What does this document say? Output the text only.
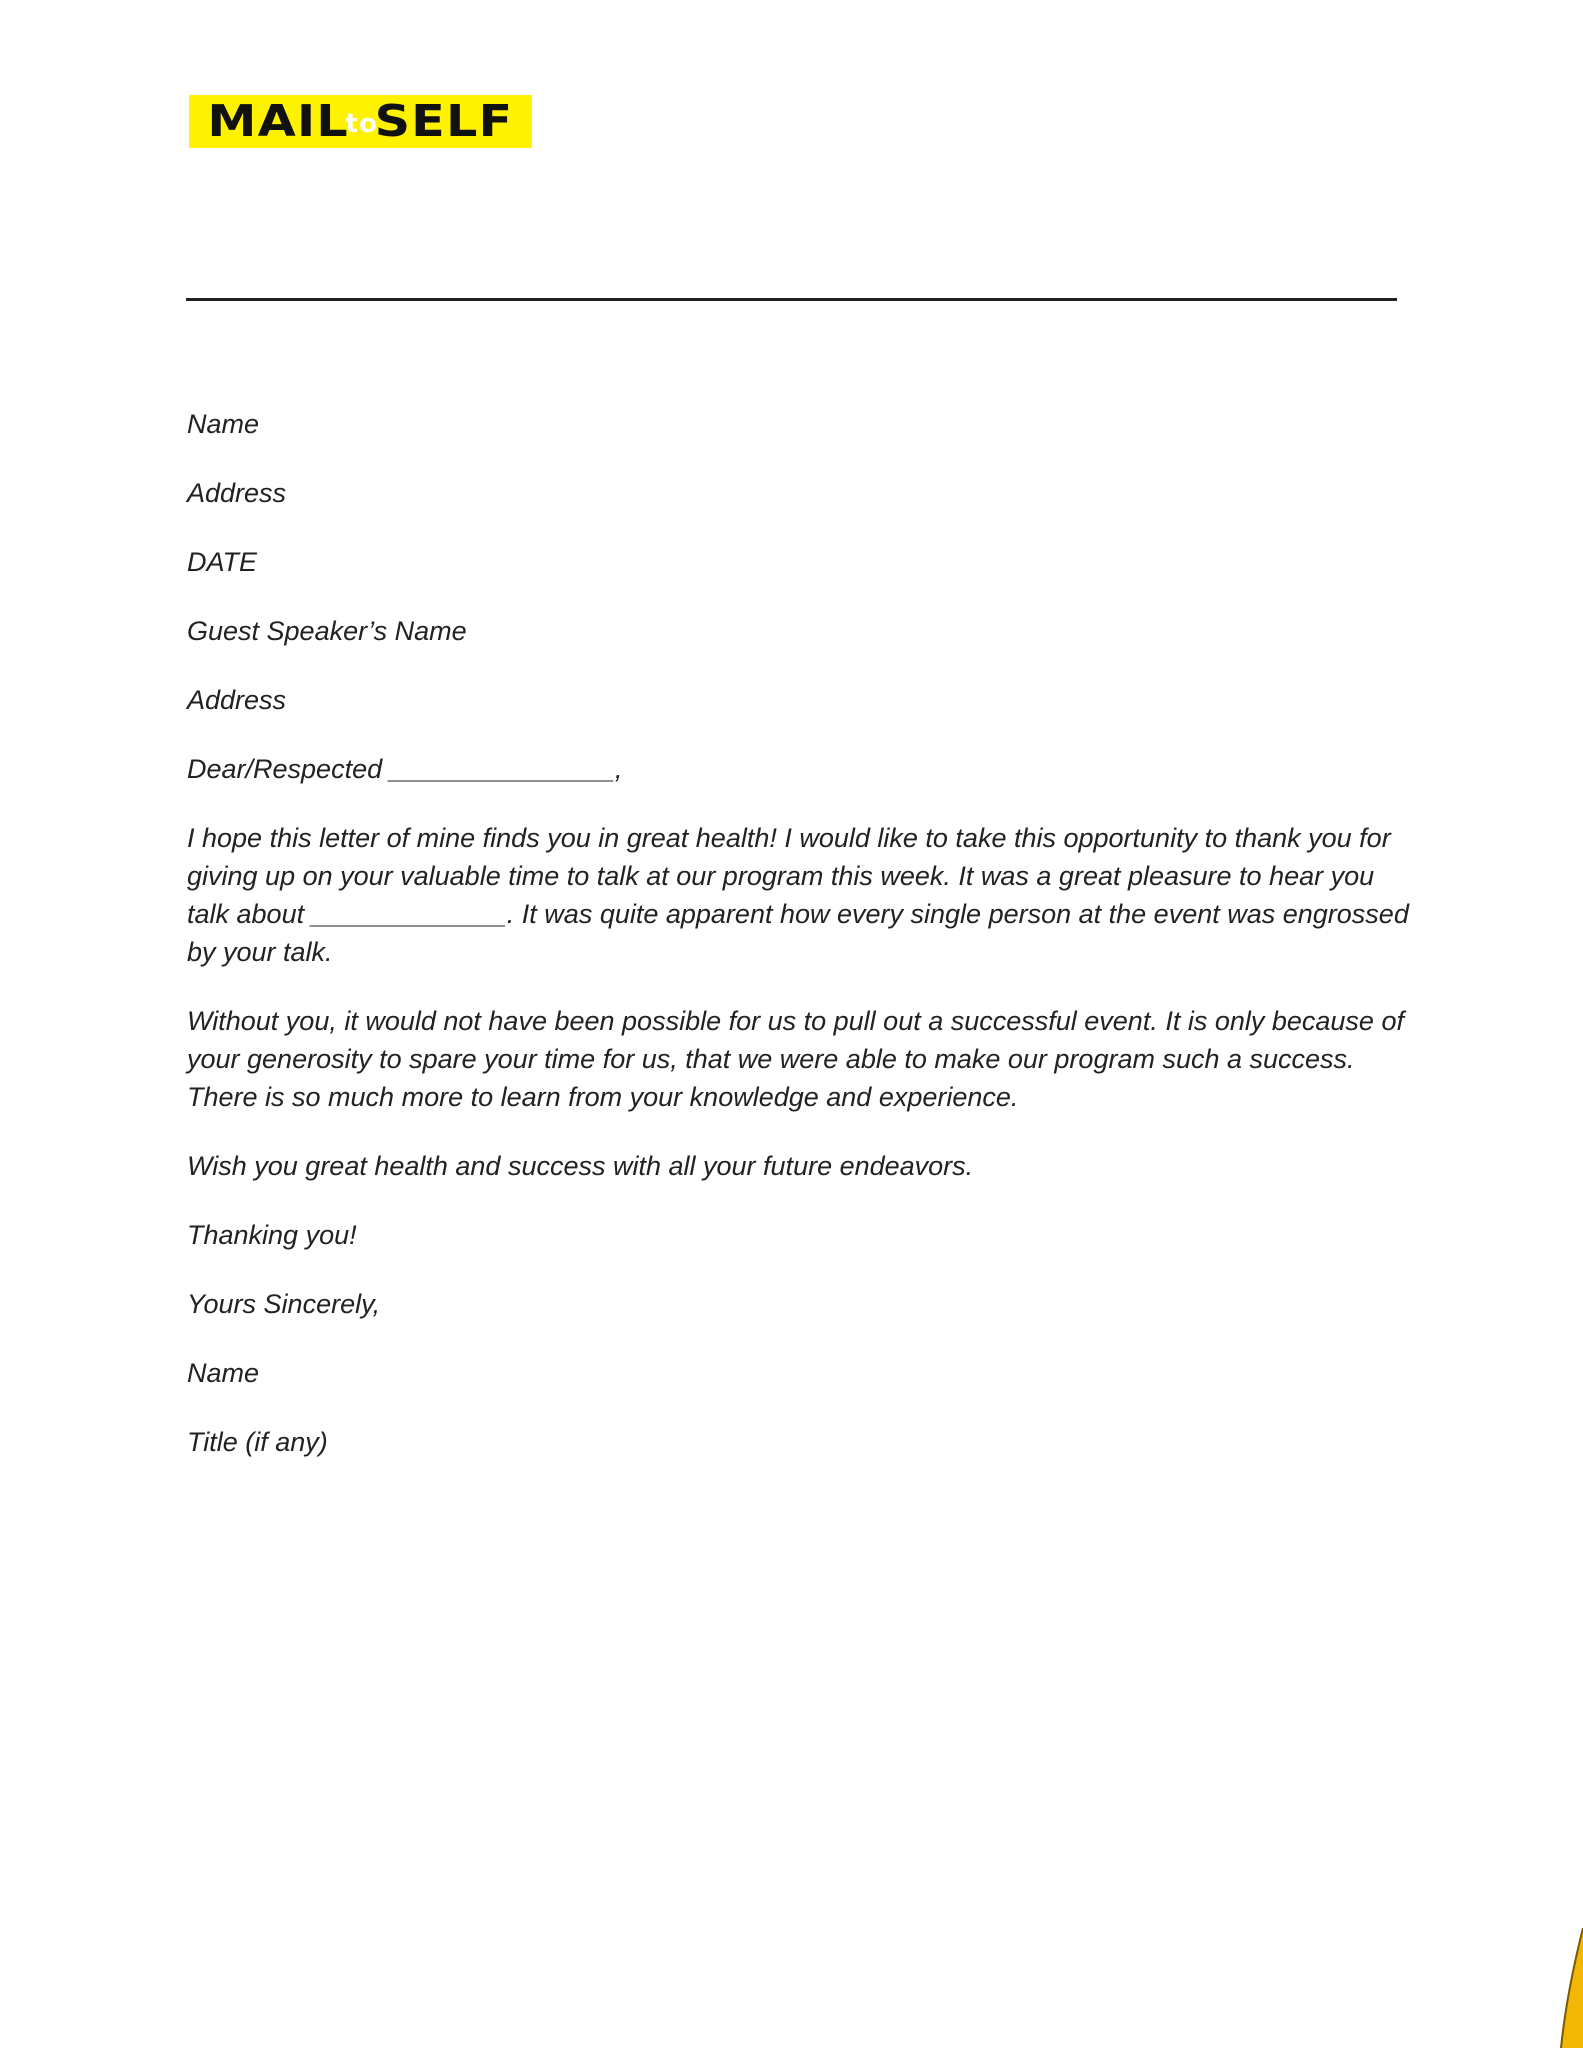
MAIL
to
SELF

Name

Address

DATE

Guest Speaker’s Name

Address

Dear/Respected _______________,

I hope this letter of mine finds you in great health! I would like to take this opportunity to thank you for giving up on your valuable time to talk at our program this week. It was a great pleasure to hear you talk about _____________. It was quite apparent how every single person at the event was engrossed by your talk.

Without you, it would not have been possible for us to pull out a successful event. It is only because of your generosity to spare your time for us, that we were able to make our program such a success. There is so much more to learn from your knowledge and experience.

Wish you great health and success with all your future endeavors.

Thanking you!

Yours Sincerely,

Name

Title (if any)
